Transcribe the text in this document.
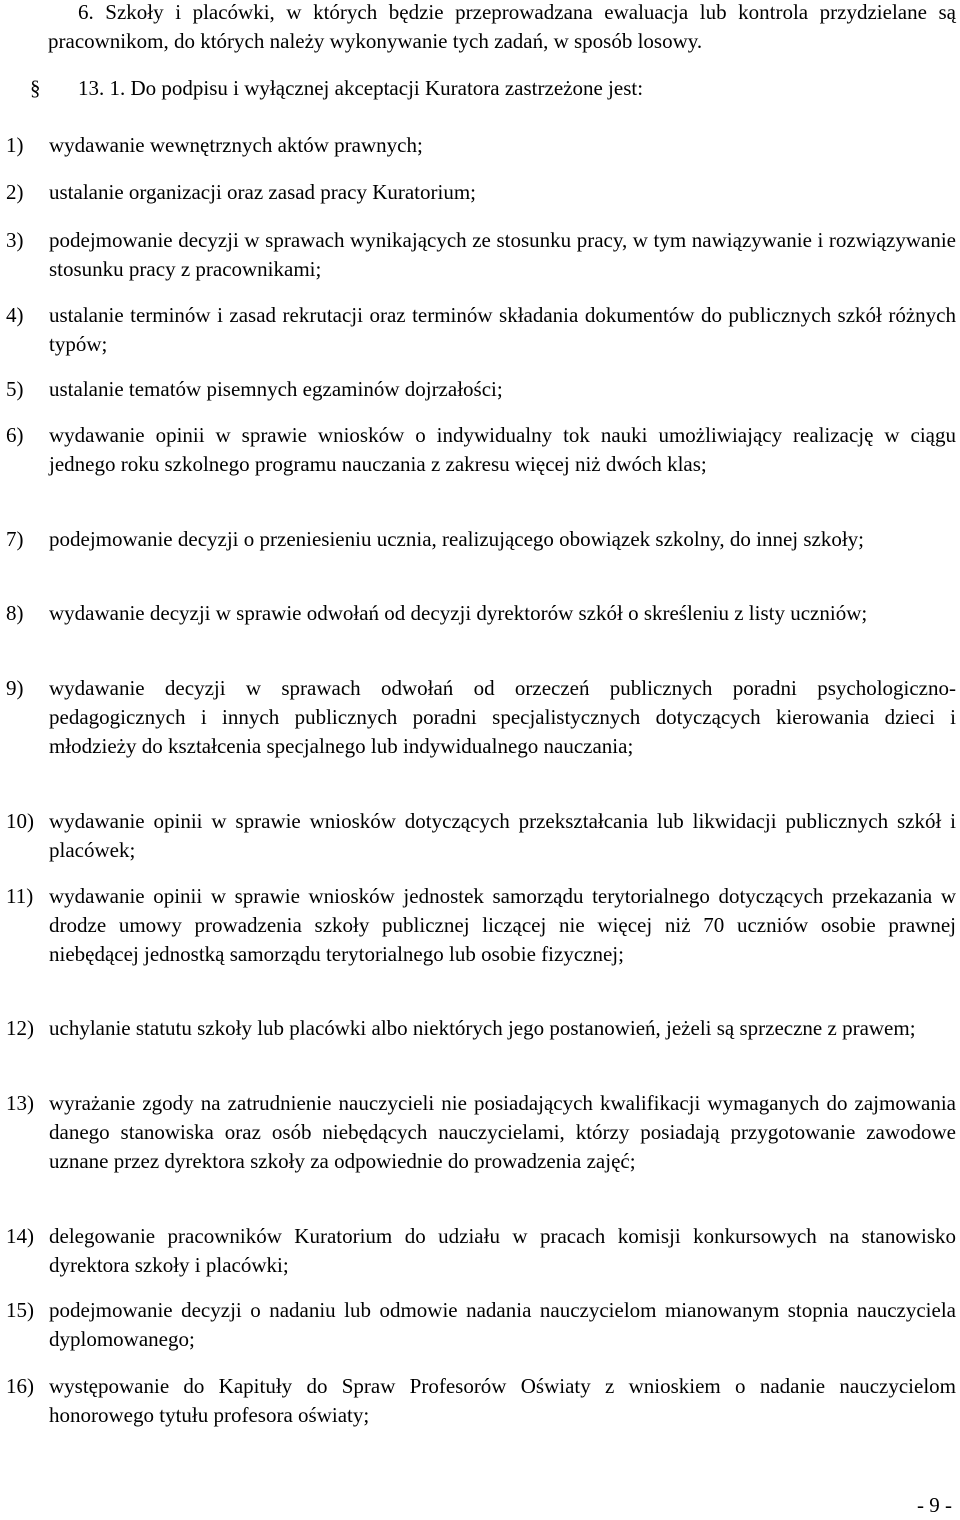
6. Szkoły i placówki, w których będzie przeprowadzana ewaluacja lub kontrola przydzielane są pracownikom, do których należy wykonywanie tych zadań, w sposób losowy.

§ 13. 1. Do podpisu i wyłącznej akceptacji Kuratora zastrzeżone jest:

1) wydawanie wewnętrznych aktów prawnych;
2) ustalanie organizacji oraz zasad pracy Kuratorium;
3) podejmowanie decyzji w sprawach wynikających ze stosunku pracy, w tym nawiązywanie i rozwiązywanie stosunku pracy z pracownikami;
4) ustalanie terminów i zasad rekrutacji oraz terminów składania dokumentów do publicznych szkół różnych typów;
5) ustalanie tematów pisemnych egzaminów dojrzałości;
6) wydawanie opinii w sprawie wniosków o indywidualny tok nauki umożliwiający realizację w ciągu jednego roku szkolnego programu nauczania z zakresu więcej niż dwóch klas;
7) podejmowanie decyzji o przeniesieniu ucznia, realizującego obowiązek szkolny, do innej szkoły;
8) wydawanie decyzji w sprawie odwołań od decyzji dyrektorów szkół o skreśleniu z listy uczniów;
9) wydawanie decyzji w sprawach odwołań od orzeczeń publicznych poradni psychologiczno-pedagogicznych i innych publicznych poradni specjalistycznych dotyczących kierowania dzieci i młodzieży do kształcenia specjalnego lub indywidualnego nauczania;
10) wydawanie opinii w sprawie wniosków dotyczących przekształcania lub likwidacji publicznych szkół i placówek;
11) wydawanie opinii w sprawie wniosków jednostek samorządu terytorialnego dotyczących przekazania w drodze umowy prowadzenia szkoły publicznej liczącej nie więcej niż 70 uczniów osobie prawnej niebędącej jednostką samorządu terytorialnego lub osobie fizycznej;
12) uchylanie statutu szkoły lub placówki albo niektórych jego postanowień, jeżeli są sprzeczne z prawem;
13) wyrażanie zgody na zatrudnienie nauczycieli nie posiadających kwalifikacji wymaganych do zajmowania danego stanowiska oraz osób niebędących nauczycielami, którzy posiadają przygotowanie zawodowe uznane przez dyrektora szkoły za odpowiednie do prowadzenia zajęć;
14) delegowanie pracowników Kuratorium do udziału w pracach komisji konkursowych na stanowisko dyrektora szkoły i placówki;
15) podejmowanie decyzji o nadaniu lub odmowie nadania nauczycielom mianowanym stopnia nauczyciela dyplomowanego;
16) występowanie do Kapituły do Spraw Profesorów Oświaty z wnioskiem o nadanie nauczycielom honorowego tytułu profesora oświaty;

- 9 -
